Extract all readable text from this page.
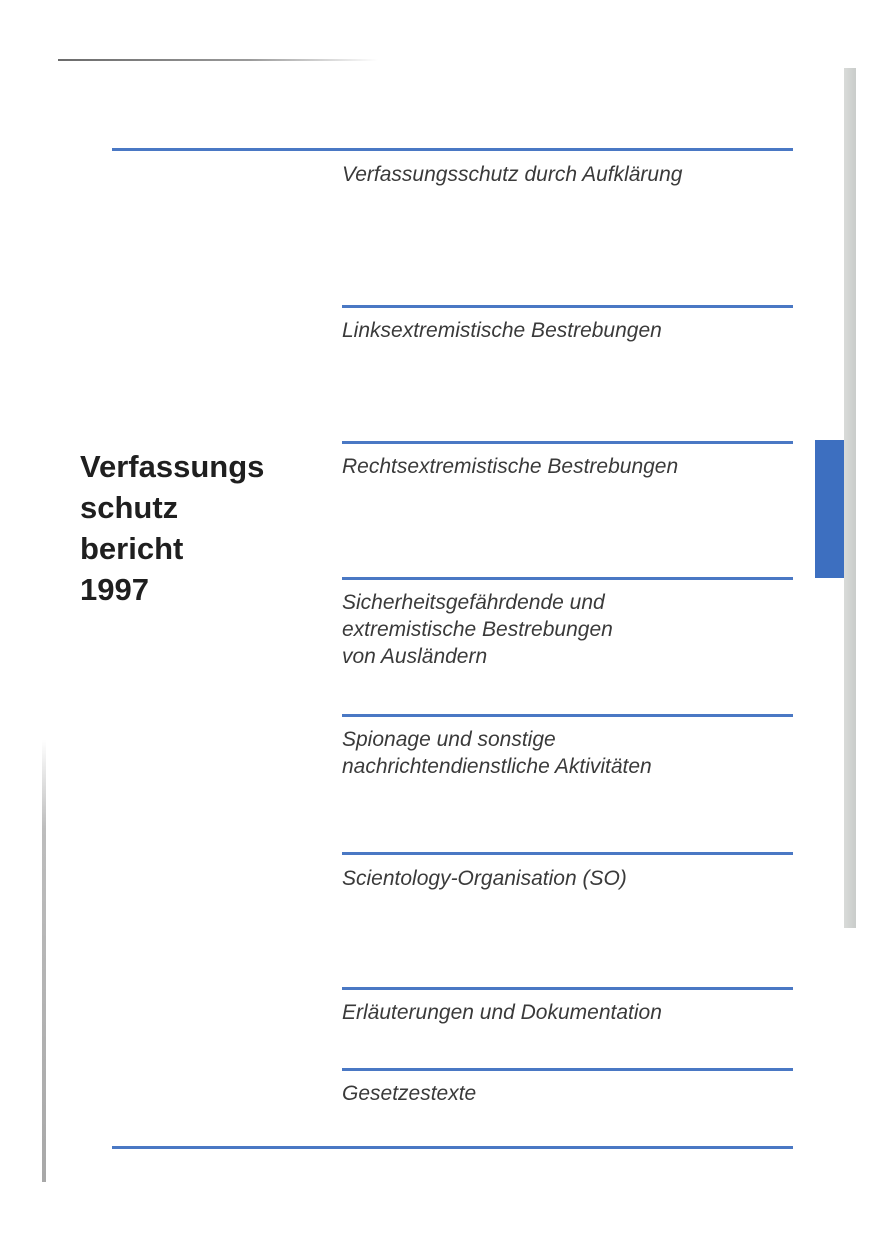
Verfassungs
schutz
bericht
1997
Verfassungsschutz durch Aufklärung
Linksextremistische Bestrebungen
Rechtsextremistische Bestrebungen
Sicherheitsgefährdende und
extremistische Bestrebungen
von Ausländern
Spionage und sonstige
nachrichtendienstliche Aktivitäten
Scientology-Organisation (SO)
Erläuterungen und Dokumentation
Gesetzestexte
